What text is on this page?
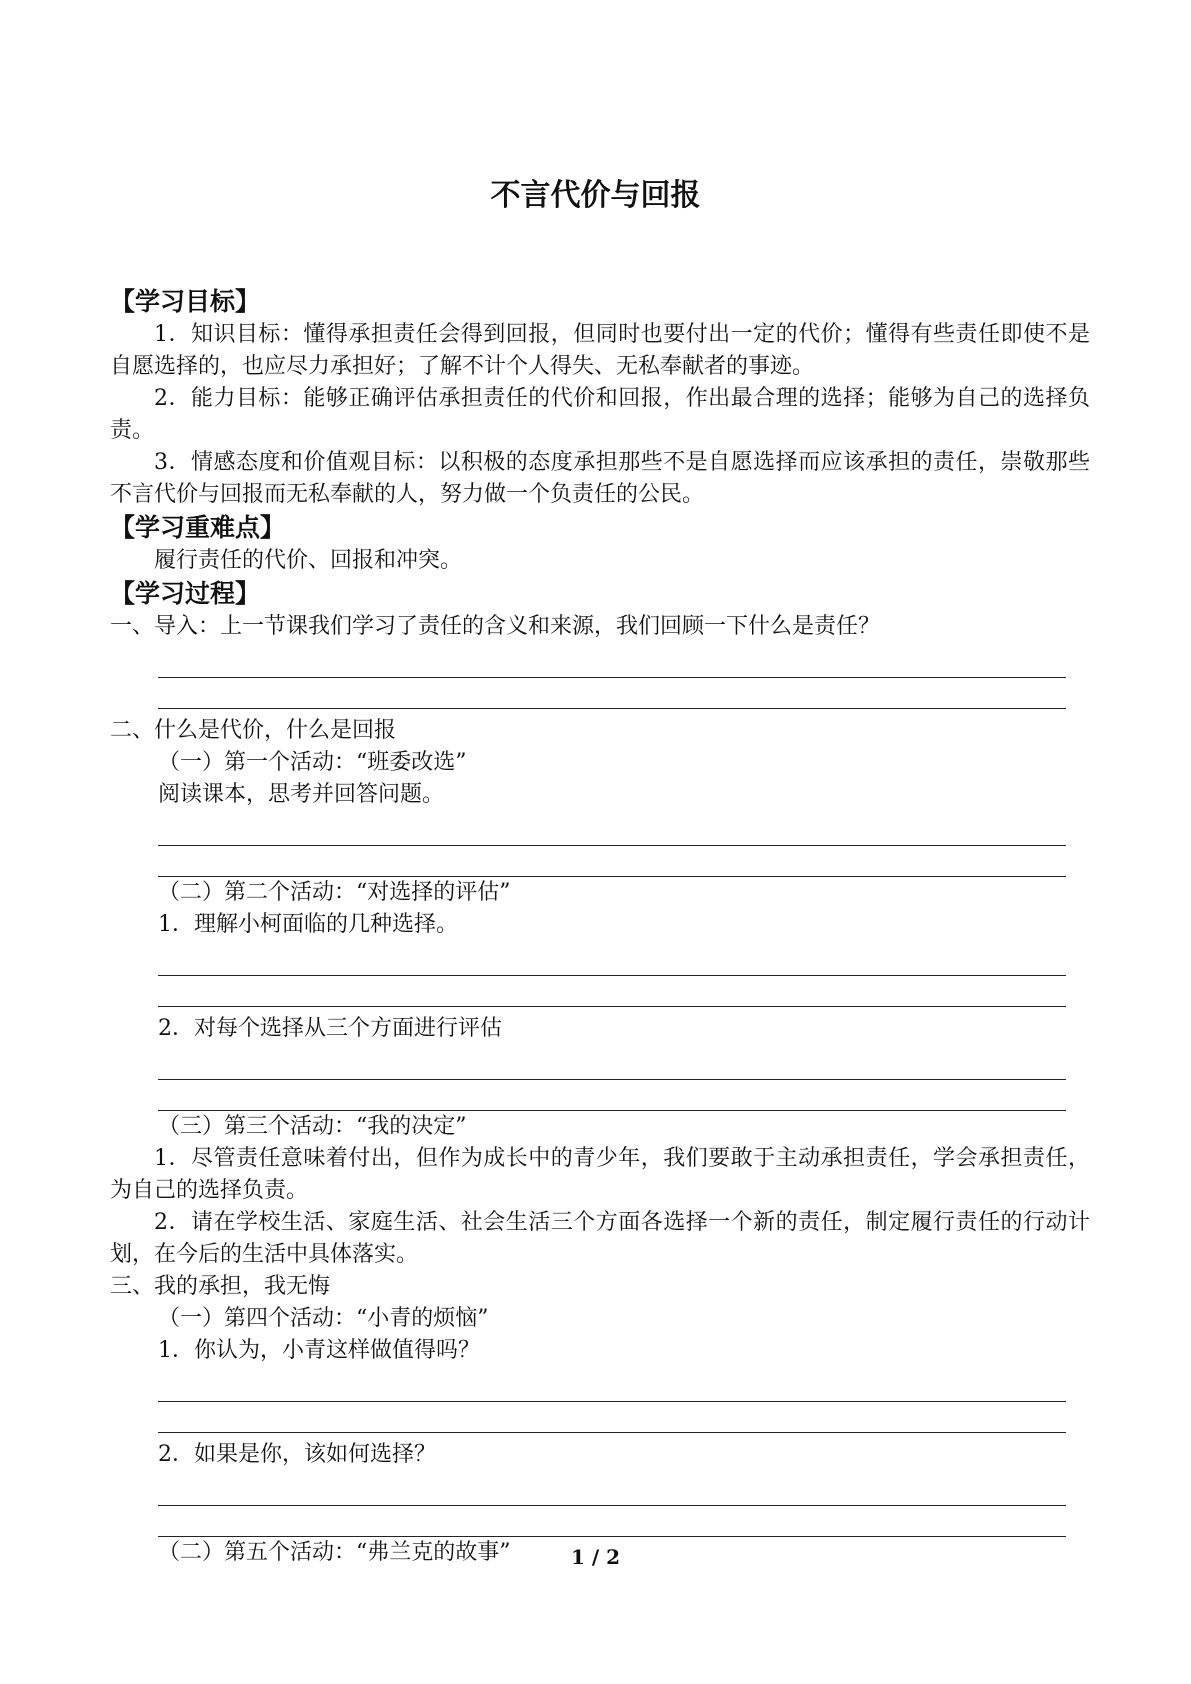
不言代价与回报

【学习目标】

1．知识目标：懂得承担责任会得到回报，但同时也要付出一定的代价；懂得有些责任即使不是自愿选择的，也应尽力承担好；了解不计个人得失、无私奉献者的事迹。

2．能力目标：能够正确评估承担责任的代价和回报，作出最合理的选择；能够为自己的选择负责。

3．情感态度和价值观目标：以积极的态度承担那些不是自愿选择而应该承担的责任，崇敬那些不言代价与回报而无私奉献的人，努力做一个负责任的公民。

【学习重难点】

履行责任的代价、回报和冲突。

【学习过程】

一、导入：上一节课我们学习了责任的含义和来源，我们回顾一下什么是责任？

二、什么是代价，什么是回报

（一）第一个活动：“班委改选”

阅读课本，思考并回答问题。

（二）第二个活动：“对选择的评估”

1．理解小柯面临的几种选择。

2．对每个选择从三个方面进行评估

（三）第三个活动：“我的决定”

1．尽管责任意味着付出，但作为成长中的青少年，我们要敢于主动承担责任，学会承担责任，为自己的选择负责。

2．请在学校生活、家庭生活、社会生活三个方面各选择一个新的责任，制定履行责任的行动计划，在今后的生活中具体落实。

三、我的承担，我无悔

（一）第四个活动：“小青的烦恼”

1．你认为，小青这样做值得吗？

2．如果是你，该如何选择？

（二）第五个活动：“弗兰克的故事”	1 / 2
